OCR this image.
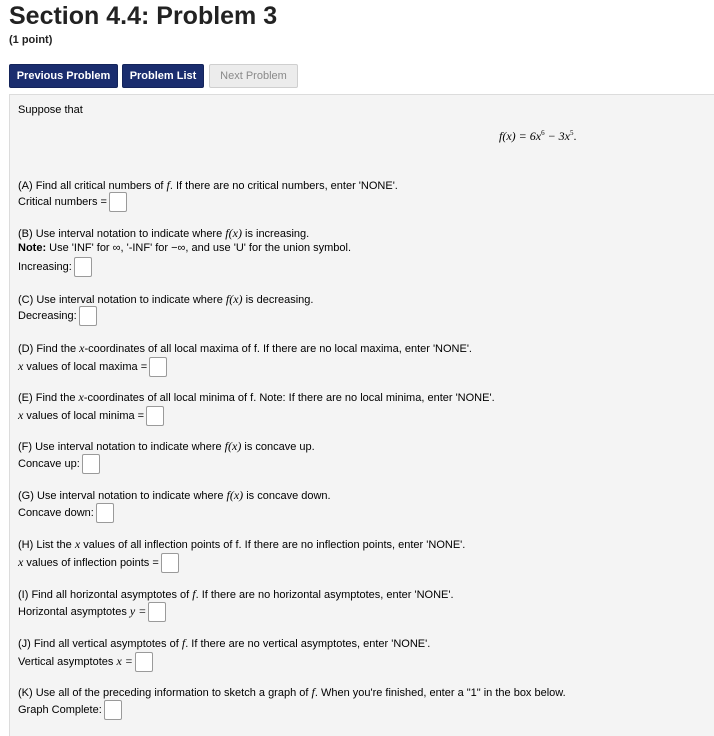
Section 4.4: Problem 3
(1 point)
Previous Problem	Problem List	Next Problem
Suppose that
$f(x) = 6x^6 - 3x^5$.
(A) Find all critical numbers of f. If there are no critical numbers, enter 'NONE'.
Critical numbers =
(B) Use interval notation to indicate where f(x) is increasing.
Note: Use 'INF' for ∞, '-INF' for −∞, and use 'U' for the union symbol.
Increasing:
(C) Use interval notation to indicate where f(x) is decreasing.
Decreasing:
(D) Find the x-coordinates of all local maxima of f. If there are no local maxima, enter 'NONE'.
x values of local maxima =
(E) Find the x-coordinates of all local minima of f. Note: If there are no local minima, enter 'NONE'.
x values of local minima =
(F) Use interval notation to indicate where f(x) is concave up.
Concave up:
(G) Use interval notation to indicate where f(x) is concave down.
Concave down:
(H) List the x values of all inflection points of f. If there are no inflection points, enter 'NONE'.
x values of inflection points =
(I) Find all horizontal asymptotes of f. If there are no horizontal asymptotes, enter 'NONE'.
Horizontal asymptotes y =
(J) Find all vertical asymptotes of f. If there are no vertical asymptotes, enter 'NONE'.
Vertical asymptotes x =
(K) Use all of the preceding information to sketch a graph of f. When you're finished, enter a "1" in the box below.
Graph Complete:
